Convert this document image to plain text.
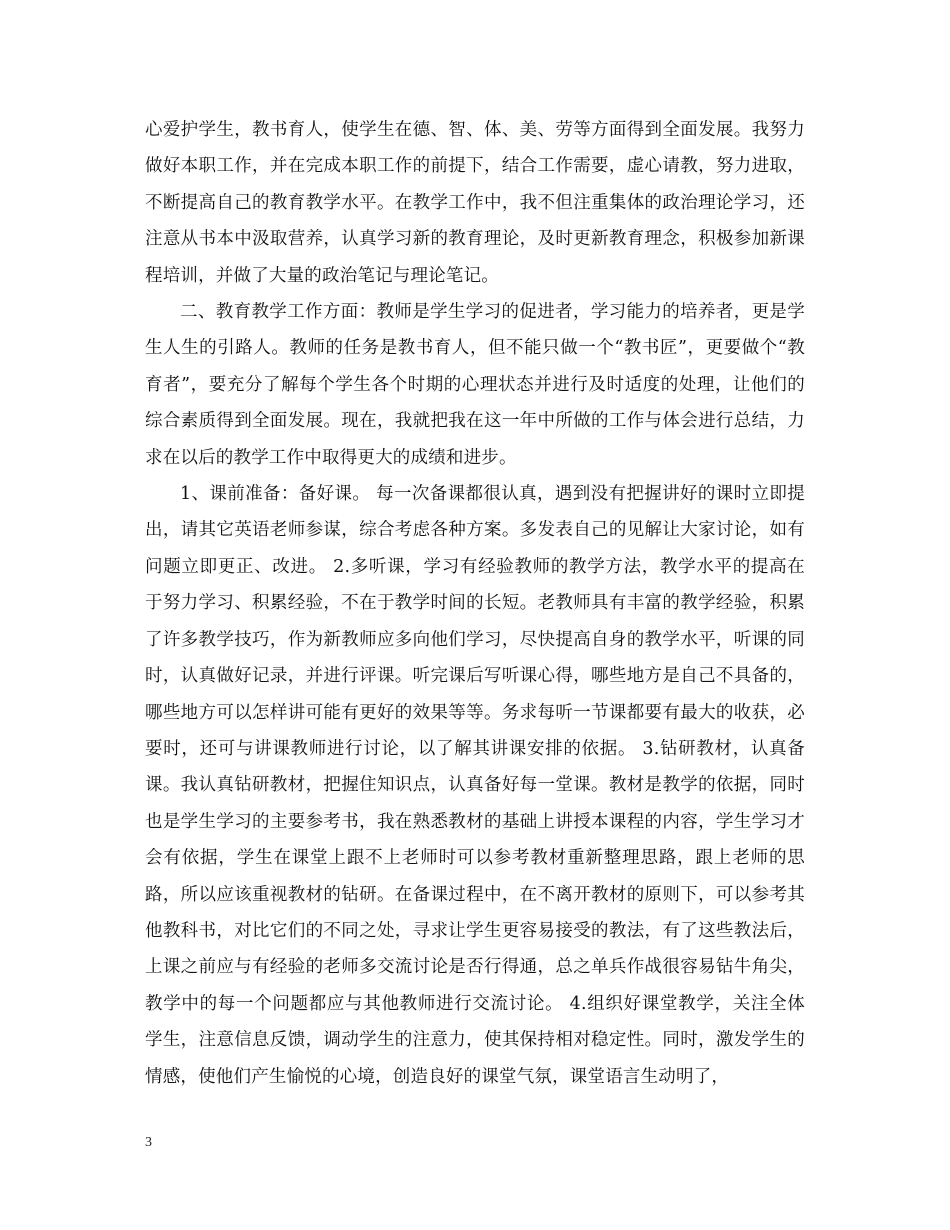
心爱护学生，教书育人，使学生在德、智、体、美、劳等方面得到全面发展。我努力做好本职工作，并在完成本职工作的前提下，结合工作需要，虚心请教，努力进取，不断提高自己的教育教学水平。在教学工作中，我不但注重集体的政治理论学习，还注意从书本中汲取营养，认真学习新的教育理论，及时更新教育理念，积极参加新课程培训，并做了大量的政治笔记与理论笔记。

二、教育教学工作方面：教师是学生学习的促进者，学习能力的培养者，更是学生人生的引路人。教师的任务是教书育人，但不能只做一个“教书匠”，更要做个“教育者”，要充分了解每个学生各个时期的心理状态并进行及时适度的处理，让他们的综合素质得到全面发展。现在，我就把我在这一年中所做的工作与体会进行总结，力求在以后的教学工作中取得更大的成绩和进步。

1、课前准备：备好课。 每一次备课都很认真，遇到没有把握讲好的课时立即提出，请其它英语老师参谋，综合考虑各种方案。多发表自己的见解让大家讨论，如有问题立即更正、改进。 2.多听课，学习有经验教师的教学方法，教学水平的提高在于努力学习、积累经验，不在于教学时间的长短。老教师具有丰富的教学经验，积累了许多教学技巧，作为新教师应多向他们学习，尽快提高自身的教学水平，听课的同时，认真做好记录，并进行评课。听完课后写听课心得，哪些地方是自己不具备的，哪些地方可以怎样讲可能有更好的效果等等。务求每听一节课都要有最大的收获，必要时，还可与讲课教师进行讨论，以了解其讲课安排的依据。 3.钻研教材，认真备课。我认真钻研教材，把握住知识点，认真备好每一堂课。教材是教学的依据，同时也是学生学习的主要参考书，我在熟悉教材的基础上讲授本课程的内容，学生学习才会有依据，学生在课堂上跟不上老师时可以参考教材重新整理思路，跟上老师的思路，所以应该重视教材的钻研。在备课过程中，在不离开教材的原则下，可以参考其他教科书，对比它们的不同之处，寻求让学生更容易接受的教法，有了这些教法后，上课之前应与有经验的老师多交流讨论是否行得通，总之单兵作战很容易钻牛角尖，教学中的每一个问题都应与其他教师进行交流讨论。 4.组织好课堂教学，关注全体学生，注意信息反馈，调动学生的注意力，使其保持相对稳定性。同时，激发学生的情感，使他们产生愉悦的心境，创造良好的课堂气氛，课堂语言生动明了，

3
